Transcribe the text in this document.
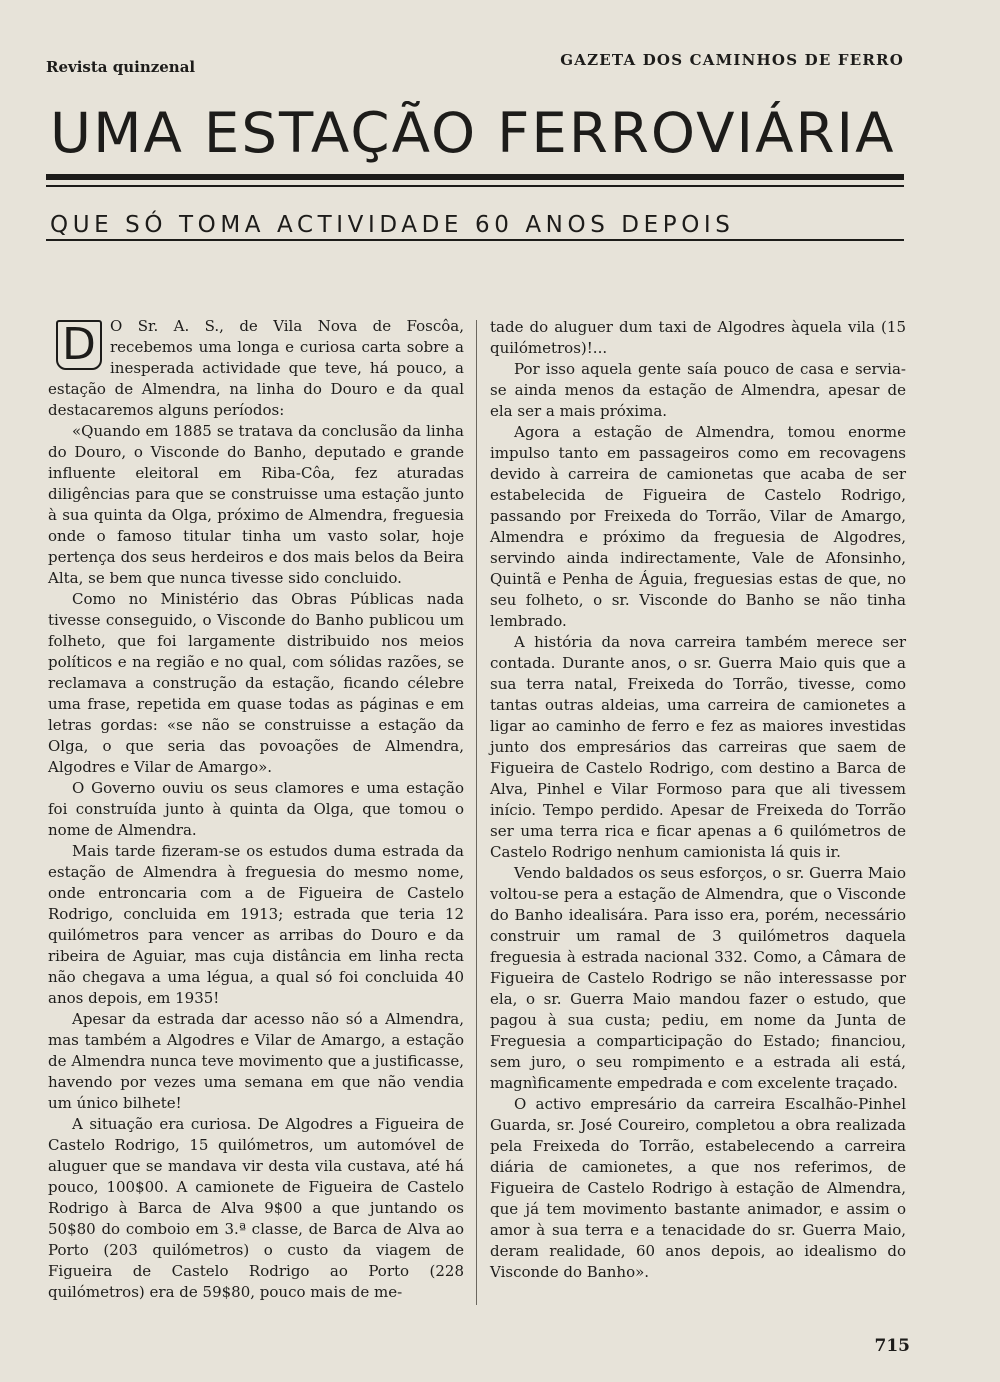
Revista quinzenal	GAZETA DOS CAMINHOS DE FERRO
UMA ESTAÇÃO FERROVIÁRIA
QUE SÓ TOMA ACTIVIDADE 60 ANOS DEPOIS

D O Sr. A. S., de Vila Nova de Foscôa, recebemos uma longa e curiosa carta sobre a inesperada actividade que teve, há pouco, a estação de Almendra, na linha do Douro e da qual destacaremos alguns períodos:

«Quando em 1885 se tratava da conclusão da linha do Douro, o Visconde do Banho, deputado e grande influente eleitoral em Riba-Côa, fez aturadas diligências para que se construisse uma estação junto à sua quinta da Olga, próximo de Almendra, freguesia onde o famoso titular tinha um vasto solar, hoje pertença dos seus herdeiros e dos mais belos da Beira Alta, se bem que nunca tivesse sido concluido.

Como no Ministério das Obras Públicas nada tivesse conseguido, o Visconde do Banho publicou um folheto, que foi largamente distribuido nos meios políticos e na região e no qual, com sólidas razões, se reclamava a construção da estação, ficando célebre uma frase, repetida em quase todas as páginas e em letras gordas: «se não se construisse a estação da Olga, o que seria das povoações de Almendra, Algodres e Vilar de Amargo».

O Governo ouviu os seus clamores e uma estação foi construída junto à quinta da Olga, que tomou o nome de Almendra.

Mais tarde fizeram-se os estudos duma estrada da estação de Almendra à freguesia do mesmo nome, onde entroncaria com a de Figueira de Castelo Rodrigo, concluida em 1913; estrada que teria 12 quilómetros para vencer as arribas do Douro e da ribeira de Aguiar, mas cuja distância em linha recta não chegava a uma légua, a qual só foi concluida 40 anos depois, em 1935!

Apesar da estrada dar acesso não só a Almendra, mas também a Algodres e Vilar de Amargo, a estação de Almendra nunca teve movimento que a justificasse, havendo por vezes uma semana em que não vendia um único bilhete!

A situação era curiosa. De Algodres a Figueira de Castelo Rodrigo, 15 quilómetros, um automóvel de aluguer que se mandava vir desta vila custava, até há pouco, 100$00. A camionete de Figueira de Castelo Rodrigo à Barca de Alva 9$00 a que juntando os 50$80 do comboio em 3.ª classe, de Barca de Alva ao Porto (203 quilómetros) o custo da viagem de Figueira de Castelo Rodrigo ao Porto (228 quilómetros) era de 59$80, pouco mais de me-

tade do aluguer dum taxi de Algodres àquela vila (15 quilómetros)!...

Por isso aquela gente saía pouco de casa e servia-se ainda menos da estação de Almendra, apesar de ela ser a mais próxima.

Agora a estação de Almendra, tomou enorme impulso tanto em passageiros como em recovagens devido à carreira de camionetas que acaba de ser estabelecida de Figueira de Castelo Rodrigo, passando por Freixeda do Torrão, Vilar de Amargo, Almendra e próximo da freguesia de Algodres, servindo ainda indirectamente, Vale de Afonsinho, Quintã e Penha de Águia, freguesias estas de que, no seu folheto, o sr. Visconde do Banho se não tinha lembrado.

A história da nova carreira também merece ser contada. Durante anos, o sr. Guerra Maio quis que a sua terra natal, Freixeda do Torrão, tivesse, como tantas outras aldeias, uma carreira de camionetes a ligar ao caminho de ferro e fez as maiores investidas junto dos empresários das carreiras que saem de Figueira de Castelo Rodrigo, com destino a Barca de Alva, Pinhel e Vilar Formoso para que ali tivessem início. Tempo perdido. Apesar de Freixeda do Torrão ser uma terra rica e ficar apenas a 6 quilómetros de Castelo Rodrigo nenhum camionista lá quis ir.

Vendo baldados os seus esforços, o sr. Guerra Maio voltou-se pera a estação de Almendra, que o Visconde do Banho idealisára. Para isso era, porém, necessário construir um ramal de 3 quilómetros daquela freguesia à estrada nacional 332. Como, a Câmara de Figueira de Castelo Rodrigo se não interessasse por ela, o sr. Guerra Maio mandou fazer o estudo, que pagou à sua custa; pediu, em nome da Junta de Freguesia a comparticipação do Estado; financiou, sem juro, o seu rompimento e a estrada ali está, magnìficamente empedrada e com excelente traçado.

O activo empresário da carreira Escalhão-Pinhel Guarda, sr. José Coureiro, completou a obra realizada pela Freixeda do Torrão, estabelecendo a carreira diária de camionetes, a que nos referimos, de Figueira de Castelo Rodrigo à estação de Almendra, que já tem movimento bastante animador, e assim o amor à sua terra e a tenacidade do sr. Guerra Maio, deram realidade, 60 anos depois, ao idealismo do Visconde do Banho».

715
